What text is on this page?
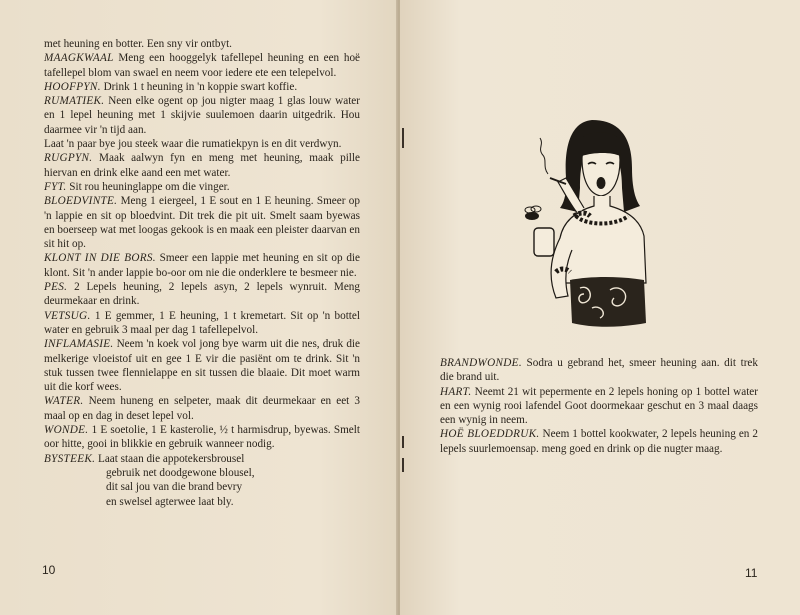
met heuning en botter. Een sny vir ontbyt.

MAAGKWAAL Meng een hooggelyk tafellepel heuning en een hoë tafellepel blom van swael en neem voor iedere ete een telepelvol.

HOOFPYN. Drink 1 t heuning in 'n koppie swart koffie.

RUMATIEK. Neen elke ogent op jou nigter maag 1 glas louw water en 1 lepel heuning met 1 skijvie suulemoen daarin uitgedrik. Hou daarmee vir 'n tijd aan.

Laat 'n paar bye jou steek waar die rumatiekpyn is en dit verdwyn.

RUGPYN. Maak aalwyn fyn en meng met heuning, maak pille hiervan en drink elke aand een met water.

FYT. Sit rou heuninglappe om die vinger.

BLOEDVINTE. Meng 1 eiergeel, 1 E sout en 1 E heuning. Smeer op 'n lappie en sit op bloedvint. Dit trek die pit uit. Smelt saam byewas en boerseep wat met loogas gekook is en maak een pleister daarvan en sit hit op.

KLONT IN DIE BORS. Smeer een lappie met heuning en sit op die klont. Sit 'n ander lappie bo-oor om nie die onderklere te besmeer nie.

PES. 2 Lepels heuning, 2 lepels asyn, 2 lepels wynruit. Meng deurmekaar en drink.

VETSUG. 1 E gemmer, 1 E heuning, 1 t kremetart. Sit op 'n bottel water en gebruik 3 maal per dag 1 tafellepelvol.

INFLAMASIE. Neem 'n koek vol jong bye warm uit die nes, druk die melkerige vloeistof uit en gee 1 E vir die pasiënt om te drink. Sit 'n stuk tussen twee flennielappe en sit tussen die blaaie. Dit moet warm uit die korf wees.

WATER. Neem huneng en selpeter, maak dit deurmekaar en eet 3 maal op en dag in deset lepel vol.

WONDE. 1 E soetolie, 1 E kasterolie, ½ t harmisdrup, byewas. Smelt oor hitte, gooi in blikkie en gebruik wanneer nodig.

BYSTEEK. Laat staan die appotekersbrousel

gebruik net doodgewone blousel,

dit sal jou van die brand bevry

en swelsel agterwee laat bly.

10

BRANDWONDE. Sodra u gebrand het, smeer heuning aan. dit trek die brand uit.

HART. Neemt 21 wit pepermente en 2 lepels honing op 1 bottel water en een wynig rooi lafendel Goot doormekaar geschut en 3 maal daags een wynig in neem.

HOË BLOEDDRUK. Neem 1 bottel kookwater, 2 lepels heuning en 2 lepels suurlemoensap. meng goed en drink op die nugter maag.

11
